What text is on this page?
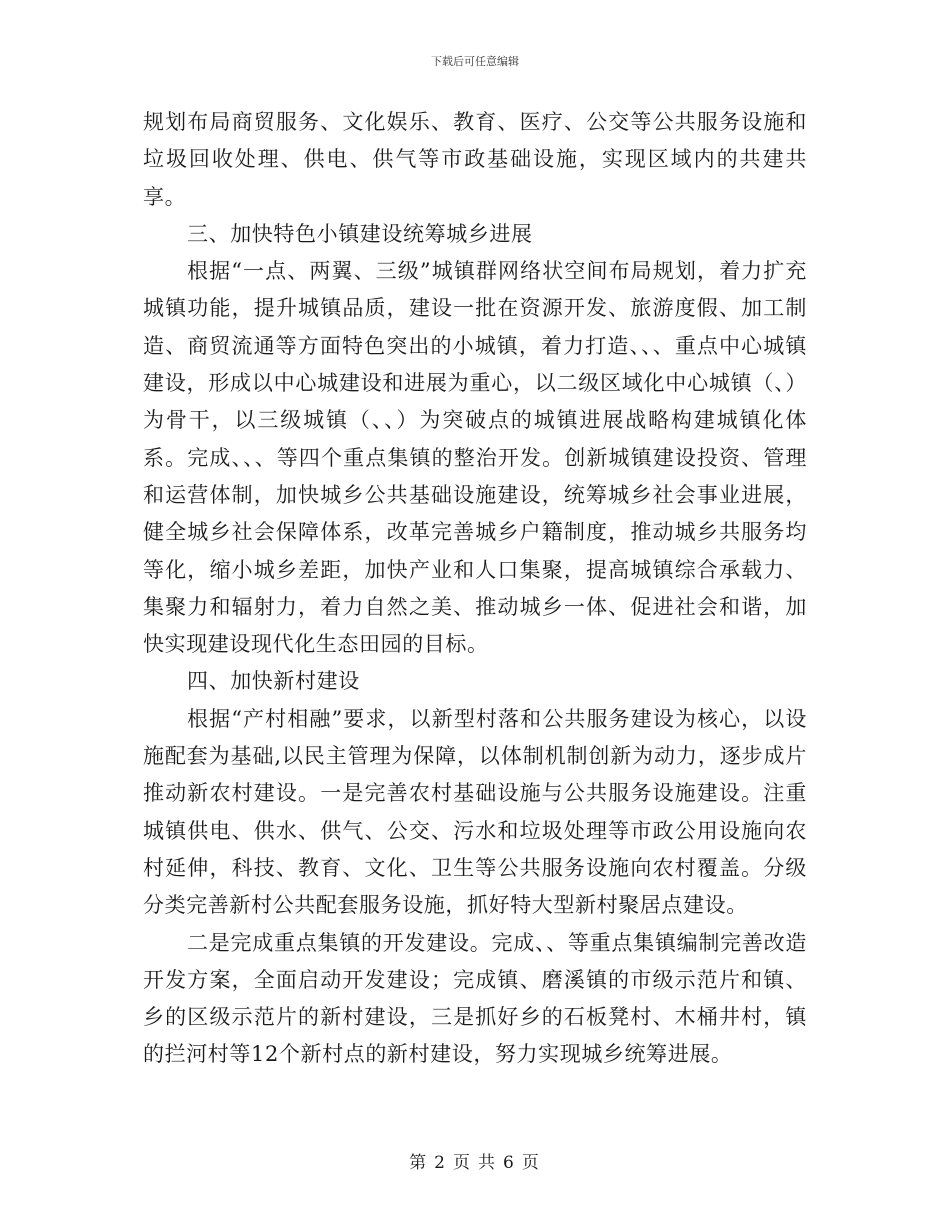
下载后可任意编辑

规划布局商贸服务、文化娱乐、教育、医疗、公交等公共服务设施和垃圾回收处理、供电、供气等市政基础设施，实现区域内的共建共享。

三、加快特色小镇建设统筹城乡进展

根据“一点、两翼、三级”城镇群网络状空间布局规划，着力扩充城镇功能，提升城镇品质，建设一批在资源开发、旅游度假、加工制造、商贸流通等方面特色突出的小城镇，着力打造、、、重点中心城镇建设，形成以中心城建设和进展为重心，以二级区域化中心城镇（、）为骨干，以三级城镇（、、）为突破点的城镇进展战略构建城镇化体系。完成、、、等四个重点集镇的整治开发。创新城镇建设投资、管理和运营体制，加快城乡公共基础设施建设，统筹城乡社会事业进展，健全城乡社会保障体系，改革完善城乡户籍制度，推动城乡共服务均等化，缩小城乡差距，加快产业和人口集聚，提高城镇综合承载力、集聚力和辐射力，着力自然之美、推动城乡一体、促进社会和谐，加快实现建设现代化生态田园的目标。

四、加快新村建设

根据“产村相融”要求，以新型村落和公共服务建设为核心，以设施配套为基础,以民主管理为保障，以体制机制创新为动力，逐步成片推动新农村建设。一是完善农村基础设施与公共服务设施建设。注重城镇供电、供水、供气、公交、污水和垃圾处理等市政公用设施向农村延伸，科技、教育、文化、卫生等公共服务设施向农村覆盖。分级分类完善新村公共配套服务设施，抓好特大型新村聚居点建设。

二是完成重点集镇的开发建设。完成、、等重点集镇编制完善改造开发方案，全面启动开发建设；完成镇、磨溪镇的市级示范片和镇、乡的区级示范片的新村建设，三是抓好乡的石板凳村、木桶井村，镇的拦河村等12个新村点的新村建设，努力实现城乡统筹进展。

第 2 页 共 6 页
